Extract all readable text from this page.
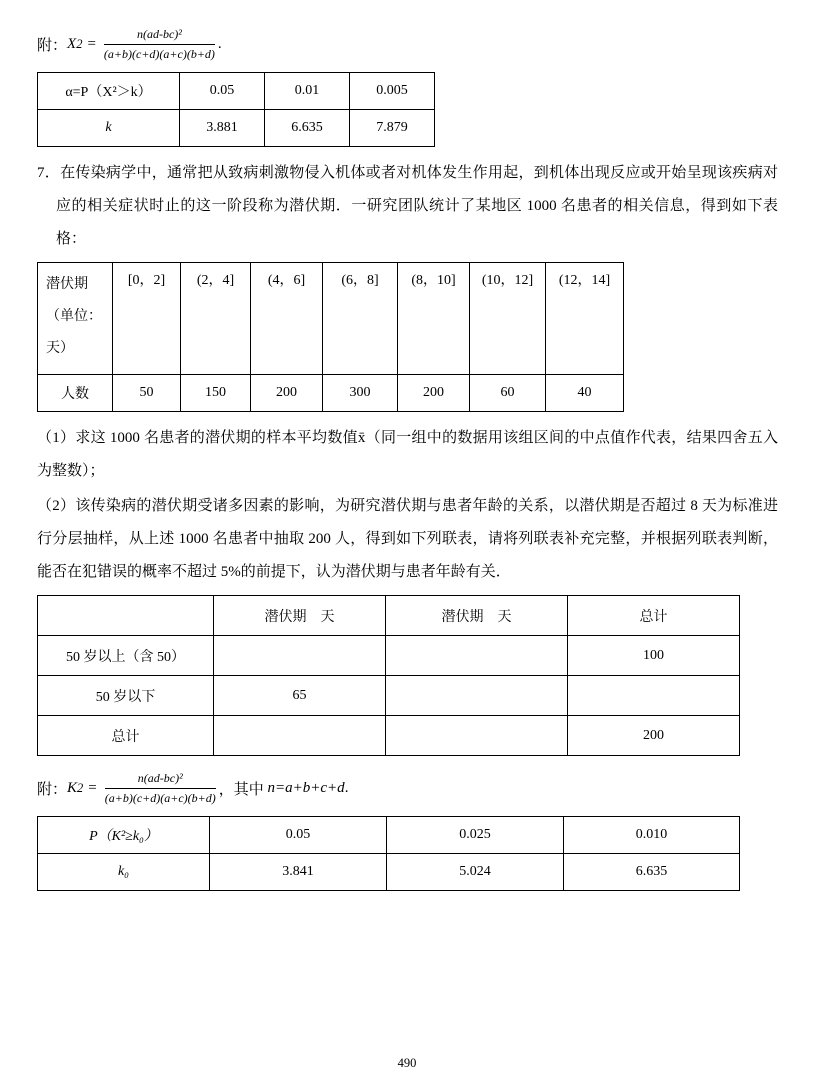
附： X $2 = \frac{\text{n(ad-bc)²}}{(a+b)(c+d)(a+c)(b+d)}$ .
α=P（X²＞k）	0.05	0.01	0.005
k	3.881	6.635	7.879

7．在传染病学中，通常把从致病刺激物侵入机体或者对机体发生作用起，到机体出现反应或开始呈现该疾病对应的相关症状时止的这一阶段称为潜伏期．一研究团队统计了某地区 1000 名患者的相关信息，得到如下表格：

潜伏期
（单位：
天）	[0，2]	(2，4]	(4，6]	(6，8]	(8，10]	(10，12]	(12，14]
人数	50	150	200	300	200	60	40

（1）求这 1000 名患者的潜伏期的样本平均数值x̄（同一组中的数据用该组区间的中点值作代表，结果四舍五入为整数）；

（2）该传染病的潜伏期受诸多因素的影响，为研究潜伏期与患者年龄的关系，以潜伏期是否超过 8 天为标准进行分层抽样，从上述 1000 名患者中抽取 200 人，得到如下列联表，请将列联表补充完整，并根据列联表判断，能否在犯错误的概率不超过 5%的前提下，认为潜伏期与患者年龄有关．

	潜伏期　天	潜伏期　天	总计
50 岁以上（含 50）			100
50 岁以下	65		
总计			200
附： K $2 = \frac{\text{n(ad-bc)²}}{(a+b)(c+d)(a+c)(b+d)}$ ，其中 n=a+b+c+d .
P（K²≥k₀）	0.05	0.025	0.010
k₀	3.841	5.024	6.635
490
